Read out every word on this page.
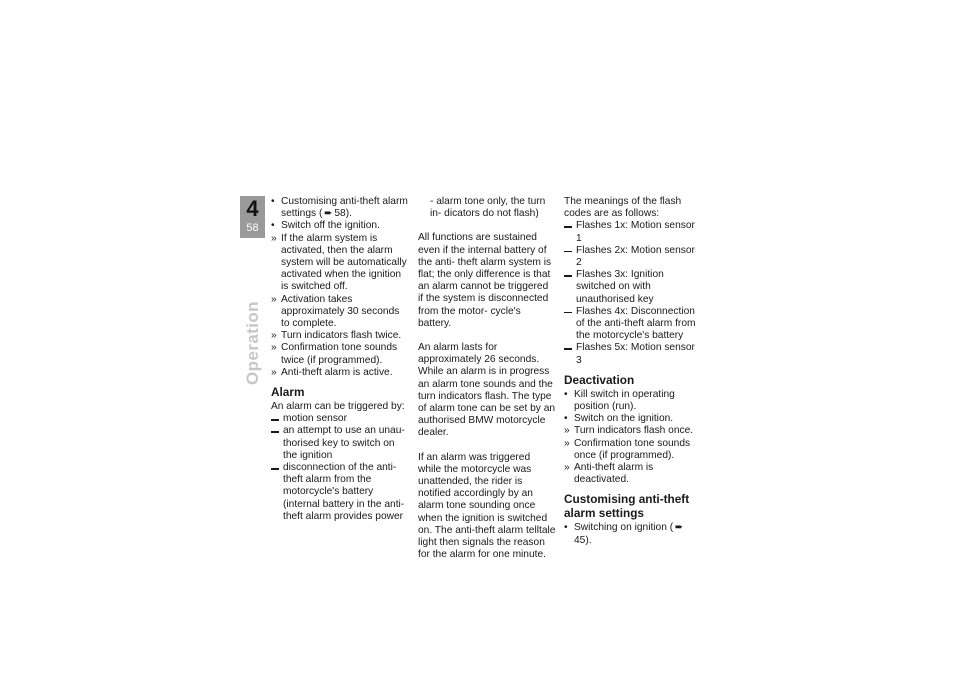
4
58
Operation
• Customising anti-theft alarm settings ( ➨ 58).
• Switch off the ignition.
» If the alarm system is activated, then the alarm system will be automatically activated when the ignition is switched off.
» Activation takes approximately 30 seconds to complete.
» Turn indicators flash twice.
» Confirmation tone sounds twice (if programmed).
» Anti-theft alarm is active.
Alarm

An alarm can be triggered by:

motion sensor
an attempt to use an unau- thorised key to switch on the ignition
disconnection of the anti-theft alarm from the motorcycle's battery (internal battery in the anti-theft alarm provides power

- alarm tone only, the turn in- dicators do not flash)

All functions are sustained even if the internal battery of the anti- theft alarm system is flat; the only difference is that an alarm cannot be triggered if the system is disconnected from the motor- cycle's battery.

An alarm lasts for approximately 26 seconds. While an alarm is in progress an alarm tone sounds and the turn indicators flash. The type of alarm tone can be set by an authorised BMW motorcycle dealer.

If an alarm was triggered while the motorcycle was unattended, the rider is notified accordingly by an alarm tone sounding once when the ignition is switched on. The anti-theft alarm telltale light then signals the reason for the alarm for one minute.

The meanings of the flash codes are as follows:

Flashes 1x: Motion sensor 1
Flashes 2x: Motion sensor 2
Flashes 3x: Ignition switched on with unauthorised key
Flashes 4x: Disconnection of the anti-theft alarm from the motorcycle's battery
Flashes 5x: Motion sensor 3
Deactivation
• Kill switch in operating position (run).
• Switch on the ignition.
» Turn indicators flash once.
» Confirmation tone sounds once (if programmed).
» Anti-theft alarm is deactivated.
Customising anti-theft alarm settings
• Switching on ignition ( ➨45).
